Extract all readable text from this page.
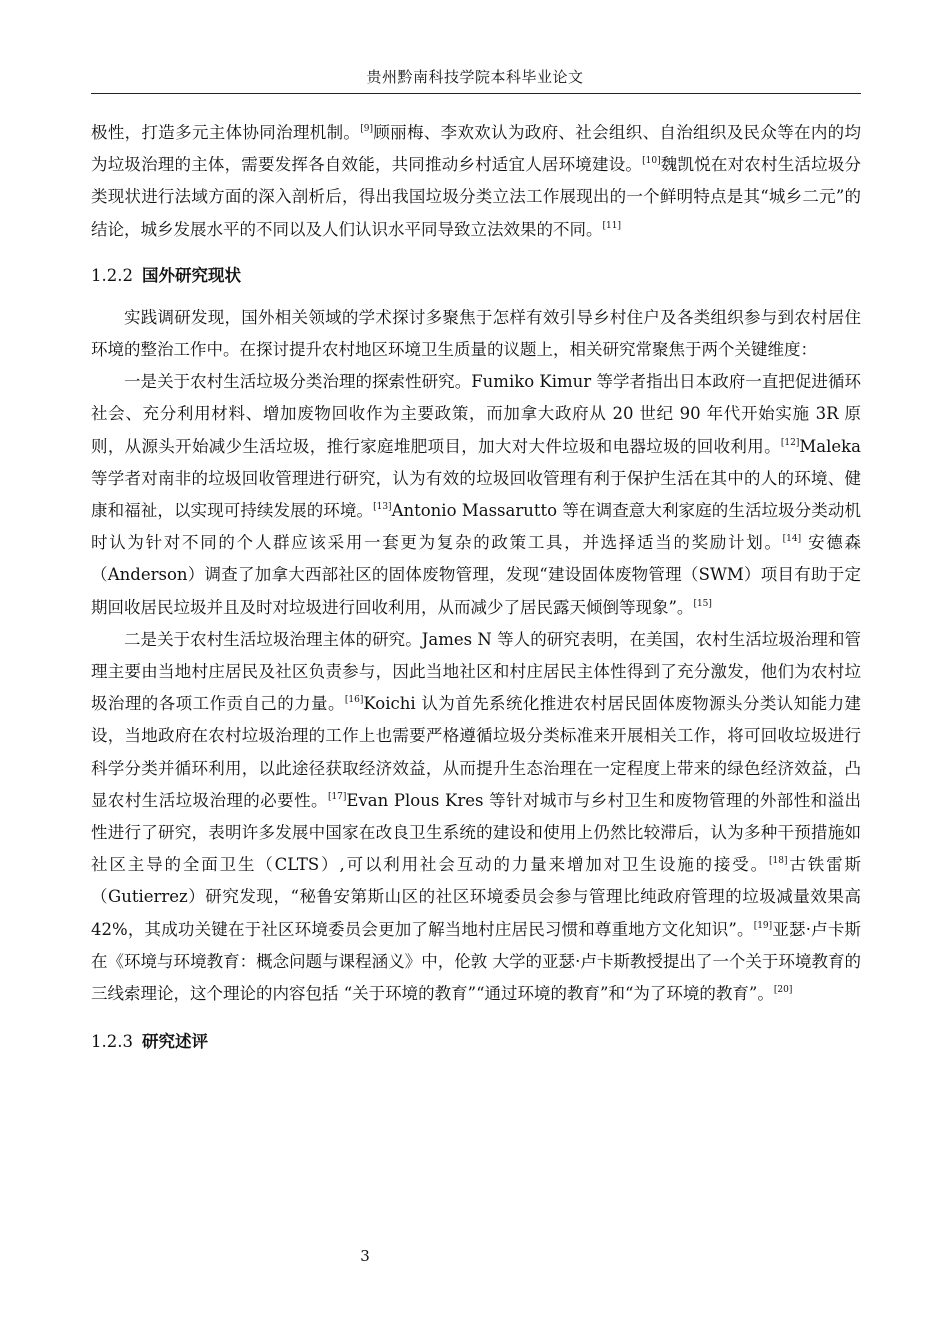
贵州黔南科技学院本科毕业论文

极性，打造多元主体协同治理机制。[9]顾丽梅、李欢欢认为政府、社会组织、自治组织及民众等在内的均为垃圾治理的主体，需要发挥各自效能，共同推动乡村适宜人居环境建设。[10]魏凯悦在对农村生活垃圾分类现状进行法域方面的深入剖析后，得出我国垃圾分类立法工作展现出的一个鲜明特点是其“城乡二元”的结论，城乡发展水平的不同以及人们认识水平同导致立法效果的不同。[11]

1.2.2 国外研究现状

实践调研发现，国外相关领域的学术探讨多聚焦于怎样有效引导乡村住户及各类组织参与到农村居住环境的整治工作中。在探讨提升农村地区环境卫生质量的议题上，相关研究常聚焦于两个关键维度：

一是关于农村生活垃圾分类治理的探索性研究。Fumiko Kimur 等学者指出日本政府一直把促进循环社会、充分利用材料、增加废物回收作为主要政策，而加拿大政府从 20 世纪 90 年代开始实施 3R 原则，从源头开始减少生活垃圾，推行家庭堆肥项目，加大对大件垃圾和电器垃圾的回收利用。[12]Maleka 等学者对南非的垃圾回收管理进行研究，认为有效的垃圾回收管理有利于保护生活在其中的人的环境、健康和福祉，以实现可持续发展的环境。[13]Antonio Massarutto 等在调查意大利家庭的生活垃圾分类动机时认为针对不同的个人群应该采用一套更为复杂的政策工具，并选择适当的奖励计划。[14] 安德森（Anderson）调查了加拿大西部社区的固体废物管理，发现“建设固体废物管理（SWM）项目有助于定期回收居民垃圾并且及时对垃圾进行回收利用，从而减少了居民露天倾倒等现象”。[15]

二是关于农村生活垃圾治理主体的研究。James N 等人的研究表明，在美国，农村生活垃圾治理和管理主要由当地村庄居民及社区负责参与，因此当地社区和村庄居民主体性得到了充分激发，他们为农村垃圾治理的各项工作贡自己的力量。[16]Koichi 认为首先系统化推进农村居民固体废物源头分类认知能力建设，当地政府在农村垃圾治理的工作上也需要严格遵循垃圾分类标准来开展相关工作，将可回收垃圾进行科学分类并循环利用，以此途径获取经济效益，从而提升生态治理在一定程度上带来的绿色经济效益，凸显农村生活垃圾治理的必要性。[17]Evan Plous Kres 等针对城市与乡村卫生和废物管理的外部性和溢出性进行了研究，表明许多发展中国家在改良卫生系统的建设和使用上仍然比较滞后，认为多种干预措施如社区主导的全面卫生（CLTS）,可以利用社会互动的力量来增加对卫生设施的接受。[18]古铁雷斯（Gutierrez）研究发现，“秘鲁安第斯山区的社区环境委员会参与管理比纯政府管理的垃圾减量效果高 42%，其成功关键在于社区环境委员会更加了解当地村庄居民习惯和尊重地方文化知识”。[19]亚瑟·卢卡斯在《环境与环境教育：概念问题与课程涵义》中，伦敦 大学的亚瑟·卢卡斯教授提出了一个关于环境教育的三线索理论，这个理论的内容包括 “关于环境的教育”“通过环境的教育”和“为了环境的教育”。[20]

1.2.3 研究述评
3
